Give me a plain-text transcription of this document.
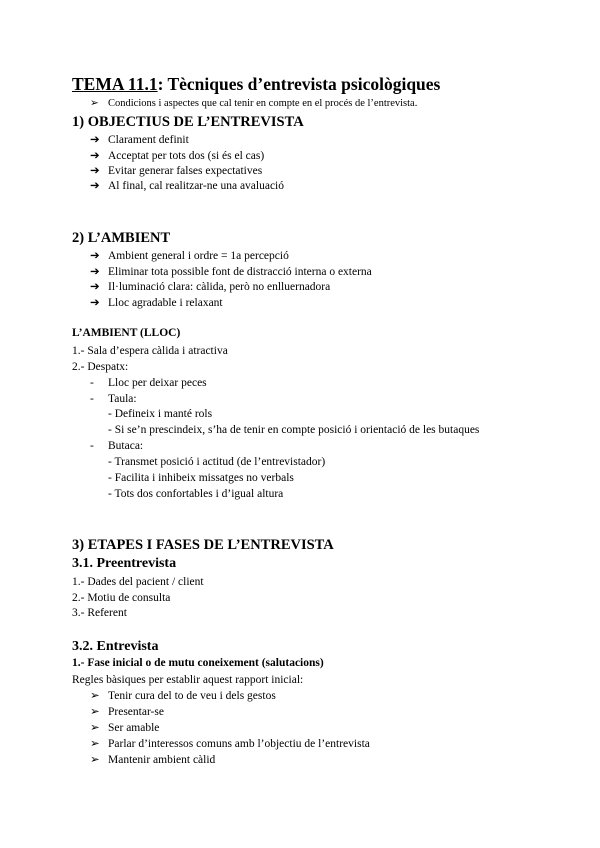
TEMA 11.1: Tècniques d’entrevista psicològiques
➢ Condicions i aspectes que cal tenir en compte en el procés de l’entrevista.
1) OBJECTIUS DE L’ENTREVISTA
➔ Clarament definit
➔ Acceptat per tots dos (si és el cas)
➔ Evitar generar falses expectatives
➔ Al final, cal realitzar-ne una avaluació
2) L’AMBIENT
➔ Ambient general i ordre = 1a percepció
➔ Eliminar tota possible font de distracció interna o externa
➔ Il·luminació clara: càlida, però no enlluernadora
➔ Lloc agradable i relaxant
L’AMBIENT (LLOC)
1.- Sala d’espera càlida i atractiva
2.- Despatx:
- Lloc per deixar peces
- Taula:
- Defineix i manté rols
- Si se’n prescindeix, s’ha de tenir en compte posició i orientació de les butaques
- Butaca:
- Transmet posició i actitud (de l’entrevistador)
- Facilita i inhibeix missatges no verbals
- Tots dos confortables i d’igual altura
3) ETAPES I FASES DE L’ENTREVISTA
3.1. Preentrevista
1.- Dades del pacient / client
2.- Motiu de consulta
3.- Referent
3.2. Entrevista
1.- Fase inicial o de mutu coneixement (salutacions)
Regles bàsiques per establir aquest rapport inicial:
➢ Tenir cura del to de veu i dels gestos
➢ Presentar-se
➢ Ser amable
➢ Parlar d’interessos comuns amb l’objectiu de l’entrevista
➢ Mantenir ambient càlid
